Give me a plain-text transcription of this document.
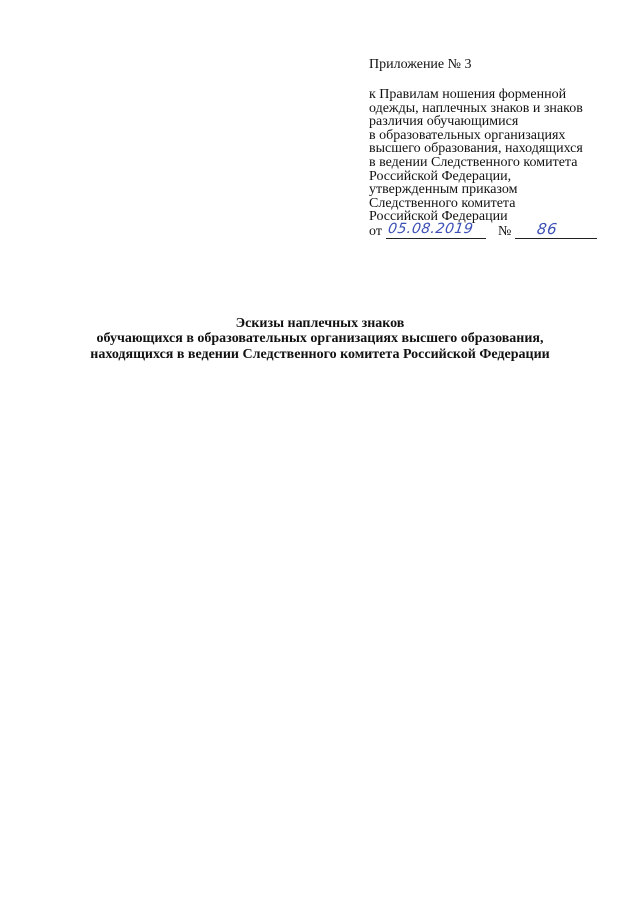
Приложение № 3
к Правилам ношения форменной
одежды, наплечных знаков и знаков
различия обучающимися
в образовательных организациях
высшего образования, находящихся
в ведении Следственного комитета
Российской Федерации,
утвержденным приказом
Следственного комитета
Российской Федерации
от 05.08.2019 № 86
Эскизы наплечных знаков
обучающихся в образовательных организациях высшего образования,
находящихся в ведении Следственного комитета Российской Федерации
